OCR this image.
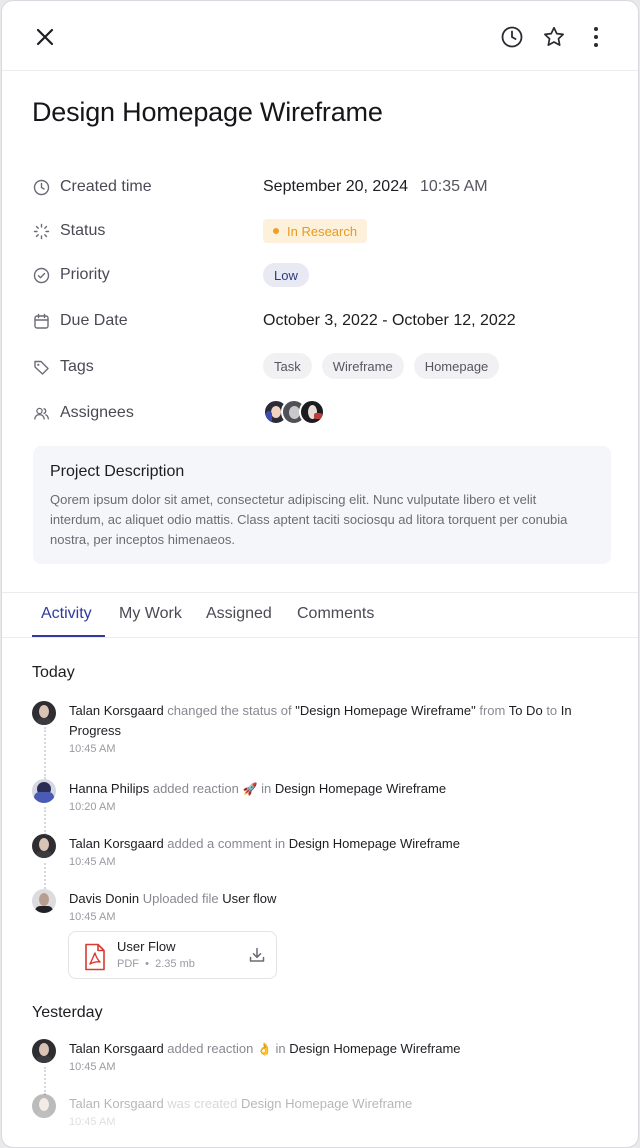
Design Homepage Wireframe
Created time	September 20, 2024 10:35 AM
Status	In Research
Priority	Low
Due Date	October 3, 2022 - October 12, 2022
Tags	Task	Wireframe	Homepage
Assignees
Project Description
Qorem ipsum dolor sit amet, consectetur adipiscing elit. Nunc vulputate libero et velit interdum, ac aliquet odio mattis. Class aptent taciti sociosqu ad litora torquent per conubia nostra, per inceptos himenaeos.
Activity My Work Assigned Comments
Today
Talan Korsgaard changed the status of "Design Homepage Wireframe" from To Do to In Progress
10:45 AM
Hanna Philips added reaction 🚀 in Design Homepage Wireframe
10:20 AM
Talan Korsgaard added a comment in Design Homepage Wireframe
10:45 AM
Davis Donin Uploaded file User flow
10:45 AM
User Flow
PDF • 2.35 mb
Yesterday
Talan Korsgaard added reaction 👌 in Design Homepage Wireframe
10:45 AM
Talan Korsgaard was created Design Homepage Wireframe
10:45 AM
